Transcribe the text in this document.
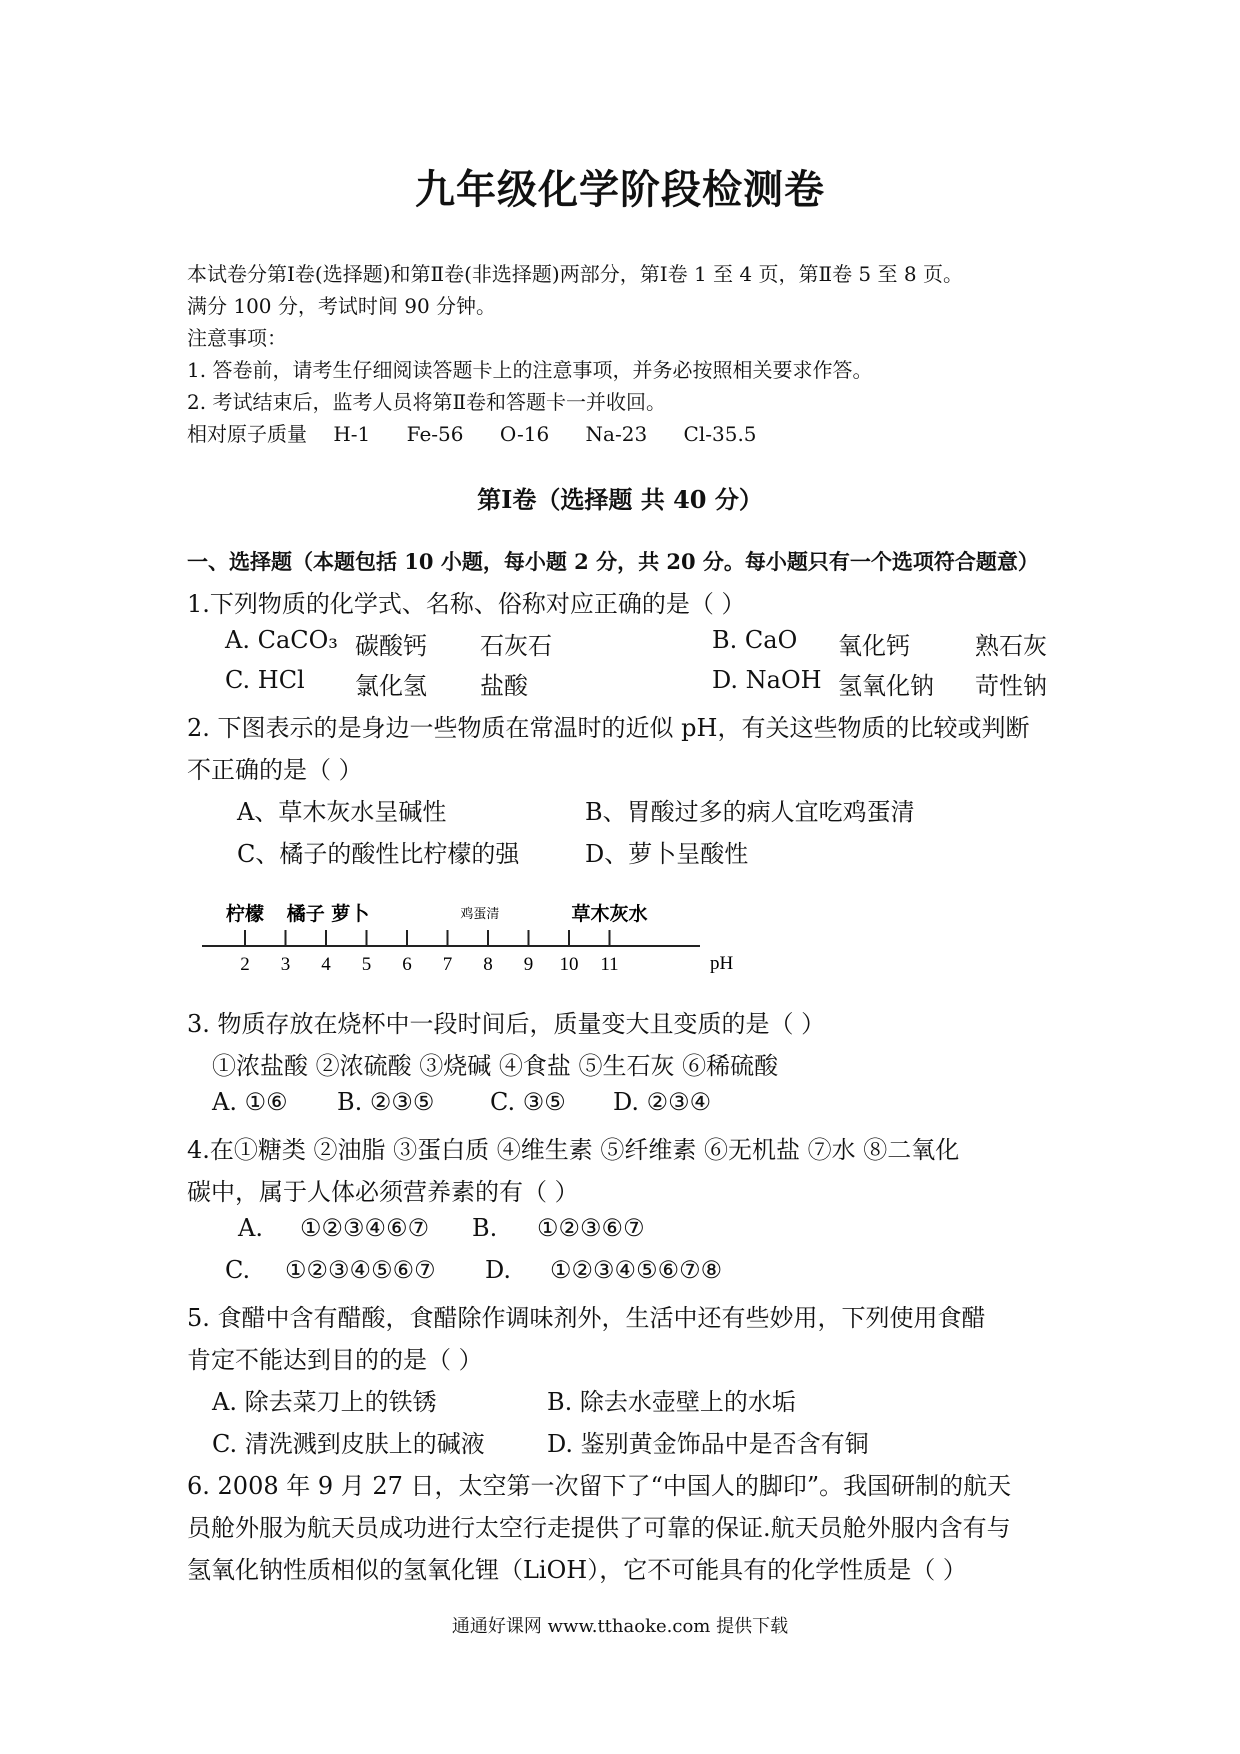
九年级化学阶段检测卷
本试卷分第Ⅰ卷(选择题)和第Ⅱ卷(非选择题)两部分，第Ⅰ卷 1 至 4 页，第Ⅱ卷 5 至 8 页。
满分 100 分，考试时间 90 分钟。
注意事项：
1. 答卷前，请考生仔细阅读答题卡上的注意事项，并务必按照相关要求作答。
2. 考试结束后，监考人员将第Ⅱ卷和答题卡一并收回。
相对原子质量 H-1 Fe-56 O-16 Na-23 Cl-35.5
第Ⅰ卷（选择题 共 40 分）
一、选择题（本题包括 10 小题，每小题 2 分，共 20 分。每小题只有一个选项符合题意）
1.下列物质的化学式、名称、俗称对应正确的是（ ）
A. CaCO₃ 碳酸钙 石灰石	B. CaO 氧化钙	熟石灰
C. HCl 氯化氢 盐酸	D. NaOH 氢氧化钠 苛性钠
2. 下图表示的是身边一些物质在常温时的近似 pH，有关这些物质的比较或判断
不正确的是（ ）
A、草木灰水呈碱性	B、胃酸过多的病人宜吃鸡蛋清
C、橘子的酸性比柠檬的强	D、萝卜呈酸性
pH
2 3 4 5 6 7 8 9 10 11
柠檬 橘子 萝卜	鸡蛋清	草木灰水
3. 物质存放在烧杯中一段时间后，质量变大且变质的是（ ）
①浓盐酸 ②浓硫酸 ③烧碱 ④食盐 ⑤生石灰 ⑥稀硫酸
A. ①⑥ B. ②③⑤ C. ③⑤ D. ②③④
4.在①糖类 ②油脂 ③蛋白质 ④维生素 ⑤纤维素 ⑥无机盐 ⑦水 ⑧二氧化
碳中，属于人体必须营养素的有（ ）
A. ①②③④⑥⑦ B. ①②③⑥⑦
C. ①②③④⑤⑥⑦ D. ①②③④⑤⑥⑦⑧
5. 食醋中含有醋酸，食醋除作调味剂外，生活中还有些妙用，下列使用食醋
肯定不能达到目的的是（ ）
A. 除去菜刀上的铁锈	B. 除去水壶壁上的水垢
C. 清洗溅到皮肤上的碱液	D. 鉴别黄金饰品中是否含有铜
6. 2008 年 9 月 27 日，太空第一次留下了“中国人的脚印”。我国研制的航天
员舱外服为航天员成功进行太空行走提供了可靠的保证.航天员舱外服内含有与
氢氧化钠性质相似的氢氧化锂（LiOH），它不可能具有的化学性质是（ ）
通通好课网 www.tthaoke.com 提供下载
